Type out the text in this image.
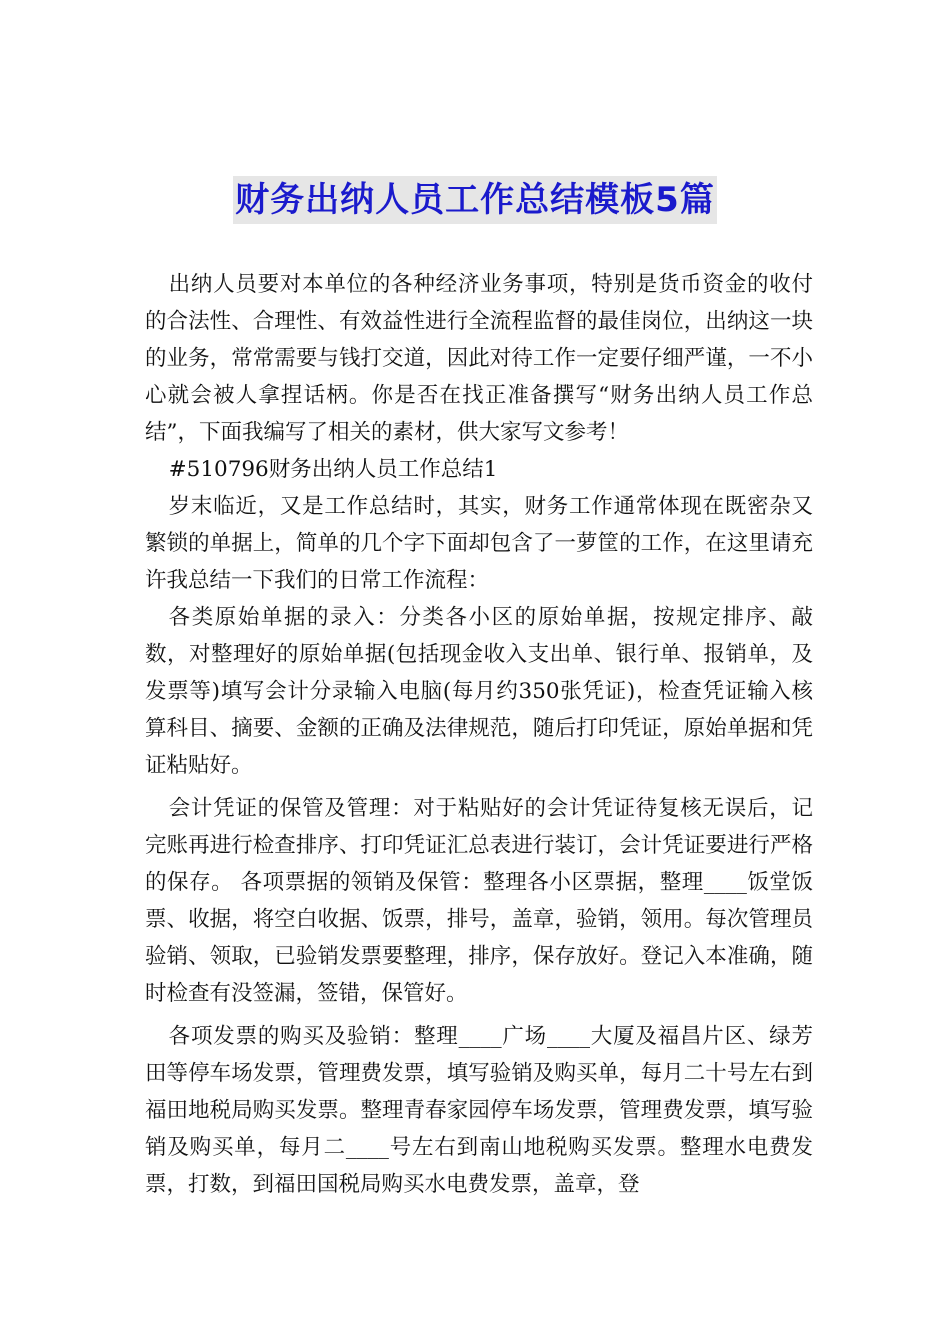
财务出纳人员工作总结模板5篇

出纳人员要对本单位的各种经济业务事项，特别是货币资金的收付的合法性、合理性、有效益性进行全流程监督的最佳岗位，出纳这一块的业务，常常需要与钱打交道，因此对待工作一定要仔细严谨，一不小心就会被人拿捏话柄。你是否在找正准备撰写“财务出纳人员工作总结”，下面我编写了相关的素材，供大家写文参考！

#510796财务出纳人员工作总结1

岁末临近，又是工作总结时，其实，财务工作通常体现在既密杂又繁锁的单据上，简单的几个字下面却包含了一萝筐的工作，在这里请充许我总结一下我们的日常工作流程：

各类原始单据的录入：分类各小区的原始单据，按规定排序、敲数，对整理好的原始单据(包括现金收入支出单、银行单、报销单，及发票等)填写会计分录输入电脑(每月约350张凭证)，检查凭证输入核算科目、摘要、金额的正确及法律规范，随后打印凭证，原始单据和凭证粘贴好。

会计凭证的保管及管理：对于粘贴好的会计凭证待复核无误后，记完账再进行检查排序、打印凭证汇总表进行装订，会计凭证要进行严格的保存。 各项票据的领销及保管：整理各小区票据，整理____饭堂饭票、收据，将空白收据、饭票，排号，盖章，验销，领用。每次管理员验销、领取，已验销发票要整理，排序，保存放好。登记入本准确，随时检查有没签漏，签错，保管好。

各项发票的购买及验销：整理____广场____大厦及福昌片区、绿芳田等停车场发票，管理费发票，填写验销及购买单，每月二十号左右到福田地税局购买发票。整理青春家园停车场发票，管理费发票，填写验销及购买单，每月二____号左右到南山地税购买发票。整理水电费发票，打数，到福田国税局购买水电费发票，盖章，登
